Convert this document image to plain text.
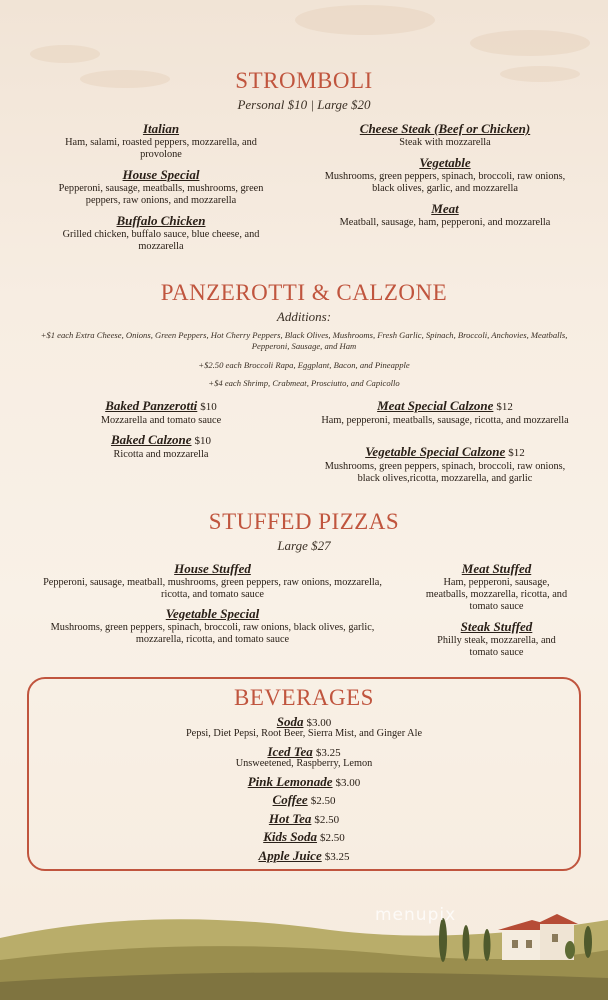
STROMBOLI
Personal $10 | Large $20
Italian
Ham, salami, roasted peppers, mozzarella, and provolone
House Special
Pepperoni, sausage, meatballs, mushrooms, green peppers, raw onions, and mozzarella
Buffalo Chicken
Grilled chicken, buffalo sauce, blue cheese, and mozzarella
Cheese Steak (Beef or Chicken)
Steak with mozzarella
Vegetable
Mushrooms, green peppers, spinach, broccoli, raw onions, black olives, garlic, and mozzarella
Meat
Meatball, sausage, ham, pepperoni, and mozzarella
PANZEROTTI & CALZONE
Additions:
+$1 each Extra Cheese, Onions, Green Peppers, Hot Cherry Peppers, Black Olives, Mushrooms, Fresh Garlic, Spinach, Broccoli, Anchovies, Meatballs, Pepperoni, Sausage, and Ham
+$2.50 each Broccoli Rapa, Eggplant, Bacon, and Pineapple
+$4 each Shrimp, Crabmeat, Prosciutto, and Capicollo
Baked Panzerotti $10
Mozzarella and tomato sauce
Baked Calzone $10
Ricotta and mozzarella
Meat Special Calzone $12
Ham, pepperoni, meatballs, sausage, ricotta, and mozzarella
Vegetable Special Calzone $12
Mushrooms, green peppers, spinach, broccoli, raw onions, black olives,ricotta, mozzarella, and garlic
STUFFED PIZZAS
Large $27
House Stuffed
Pepperoni, sausage, meatball, mushrooms, green peppers, raw onions, mozzarella, ricotta, and tomato sauce
Vegetable Special
Mushrooms, green peppers, spinach, broccoli, raw onions, black olives, garlic, mozzarella, ricotta, and tomato sauce
Meat Stuffed
Ham, pepperoni, sausage, meatballs, mozzarella, ricotta, and tomato sauce
Steak Stuffed
Philly steak, mozzarella, and tomato sauce
BEVERAGES
Soda $3.00
Pepsi, Diet Pepsi, Root Beer, Sierra Mist, and Ginger Ale
Iced Tea $3.25
Unsweetened, Raspberry, Lemon
Pink Lemonade $3.00
Coffee $2.50
Hot Tea $2.50
Kids Soda $2.50
Apple Juice $3.25
menupix
